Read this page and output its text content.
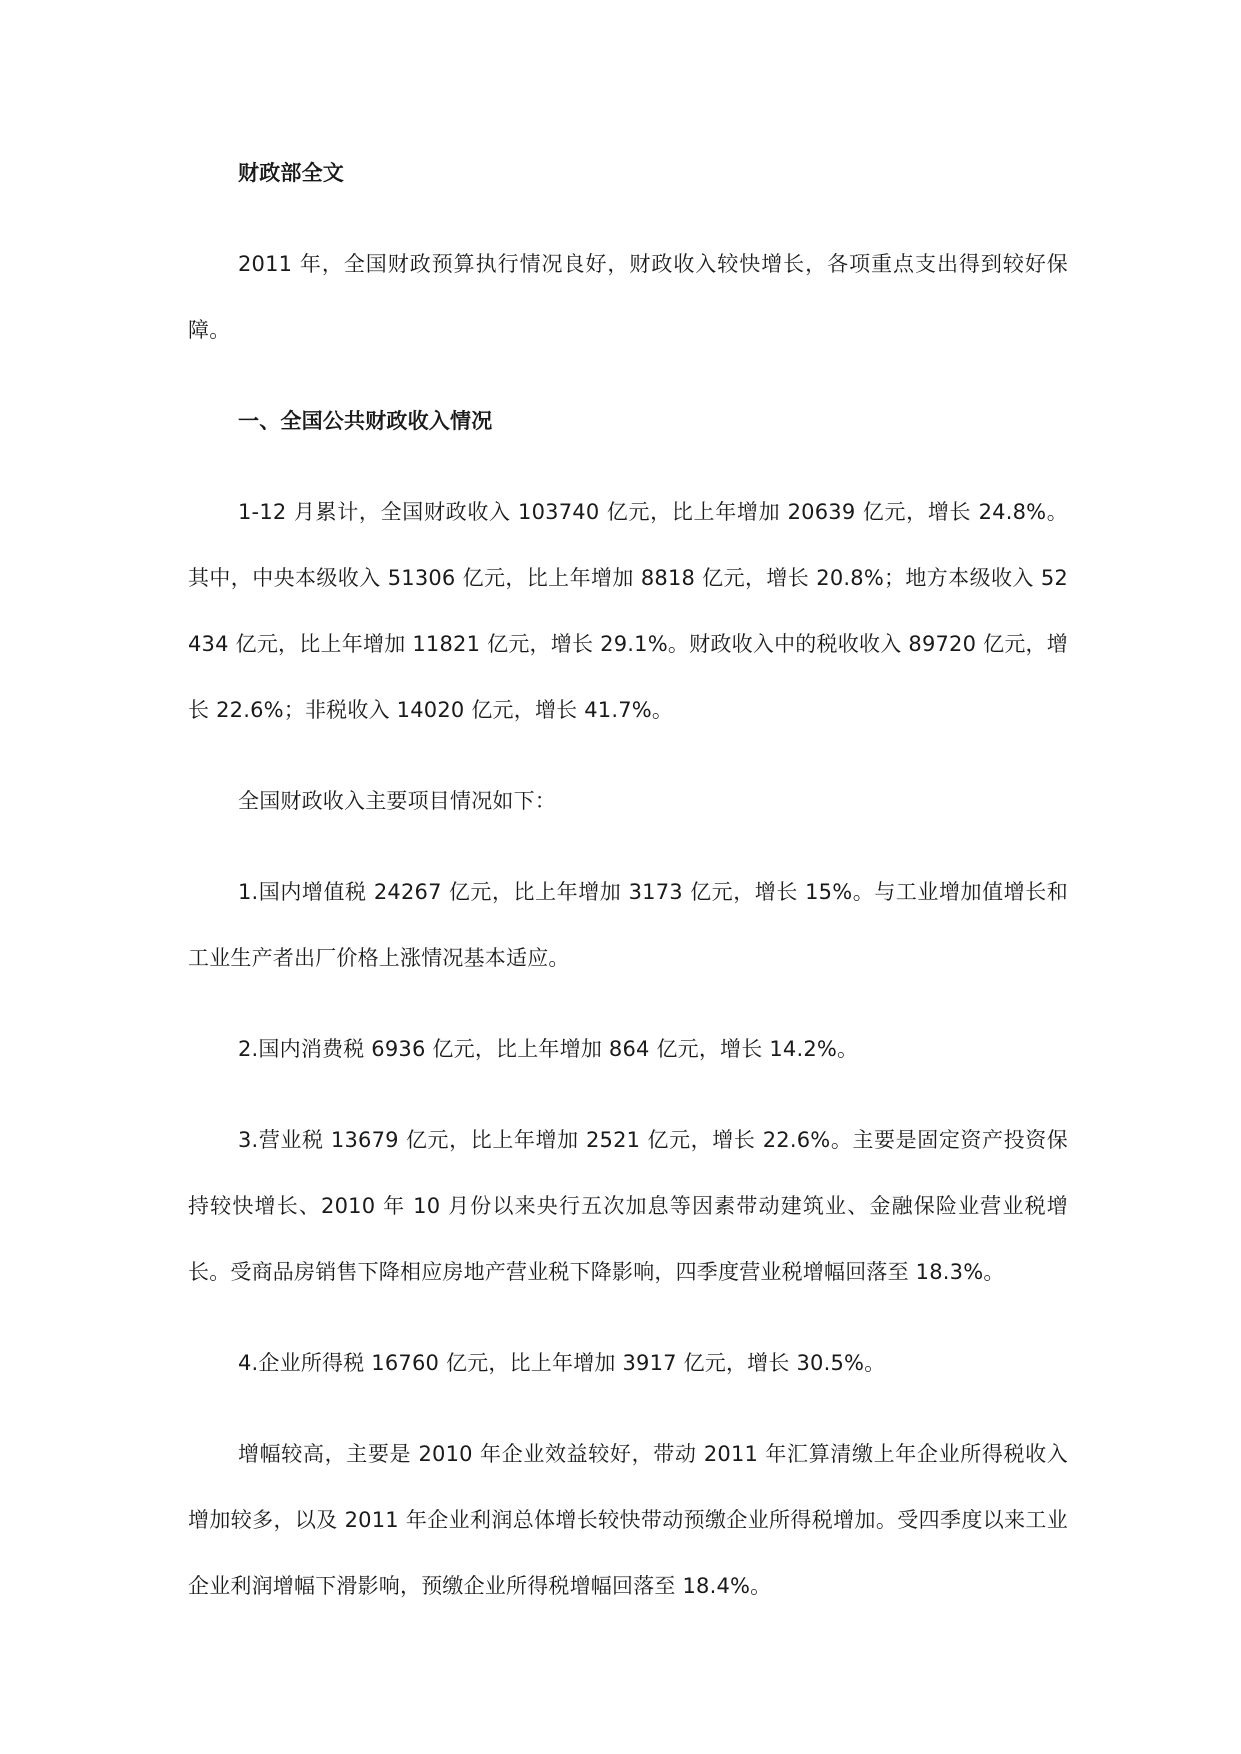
财政部全文

2011 年，全国财政预算执行情况良好，财政收入较快增长，各项重点支出得到较好保障。

一、全国公共财政收入情况

1-12 月累计，全国财政收入 103740 亿元，比上年增加 20639 亿元，增长 24.8%。其中，中央本级收入 51306 亿元，比上年增加 8818 亿元，增长 20.8%；地方本级收入 52434 亿元，比上年增加 11821 亿元，增长 29.1%。财政收入中的税收收入 89720 亿元，增长 22.6%；非税收入 14020 亿元，增长 41.7%。

全国财政收入主要项目情况如下：

1.国内增值税 24267 亿元，比上年增加 3173 亿元，增长 15%。与工业增加值增长和工业生产者出厂价格上涨情况基本适应。

2.国内消费税 6936 亿元，比上年增加 864 亿元，增长 14.2%。

3.营业税 13679 亿元，比上年增加 2521 亿元，增长 22.6%。主要是固定资产投资保持较快增长、2010 年 10 月份以来央行五次加息等因素带动建筑业、金融保险业营业税增长。受商品房销售下降相应房地产营业税下降影响，四季度营业税增幅回落至 18.3%。

4.企业所得税 16760 亿元，比上年增加 3917 亿元，增长 30.5%。

增幅较高，主要是 2010 年企业效益较好，带动 2011 年汇算清缴上年企业所得税收入增加较多，以及 2011 年企业利润总体增长较快带动预缴企业所得税增加。受四季度以来工业企业利润增幅下滑影响，预缴企业所得税增幅回落至 18.4%。
